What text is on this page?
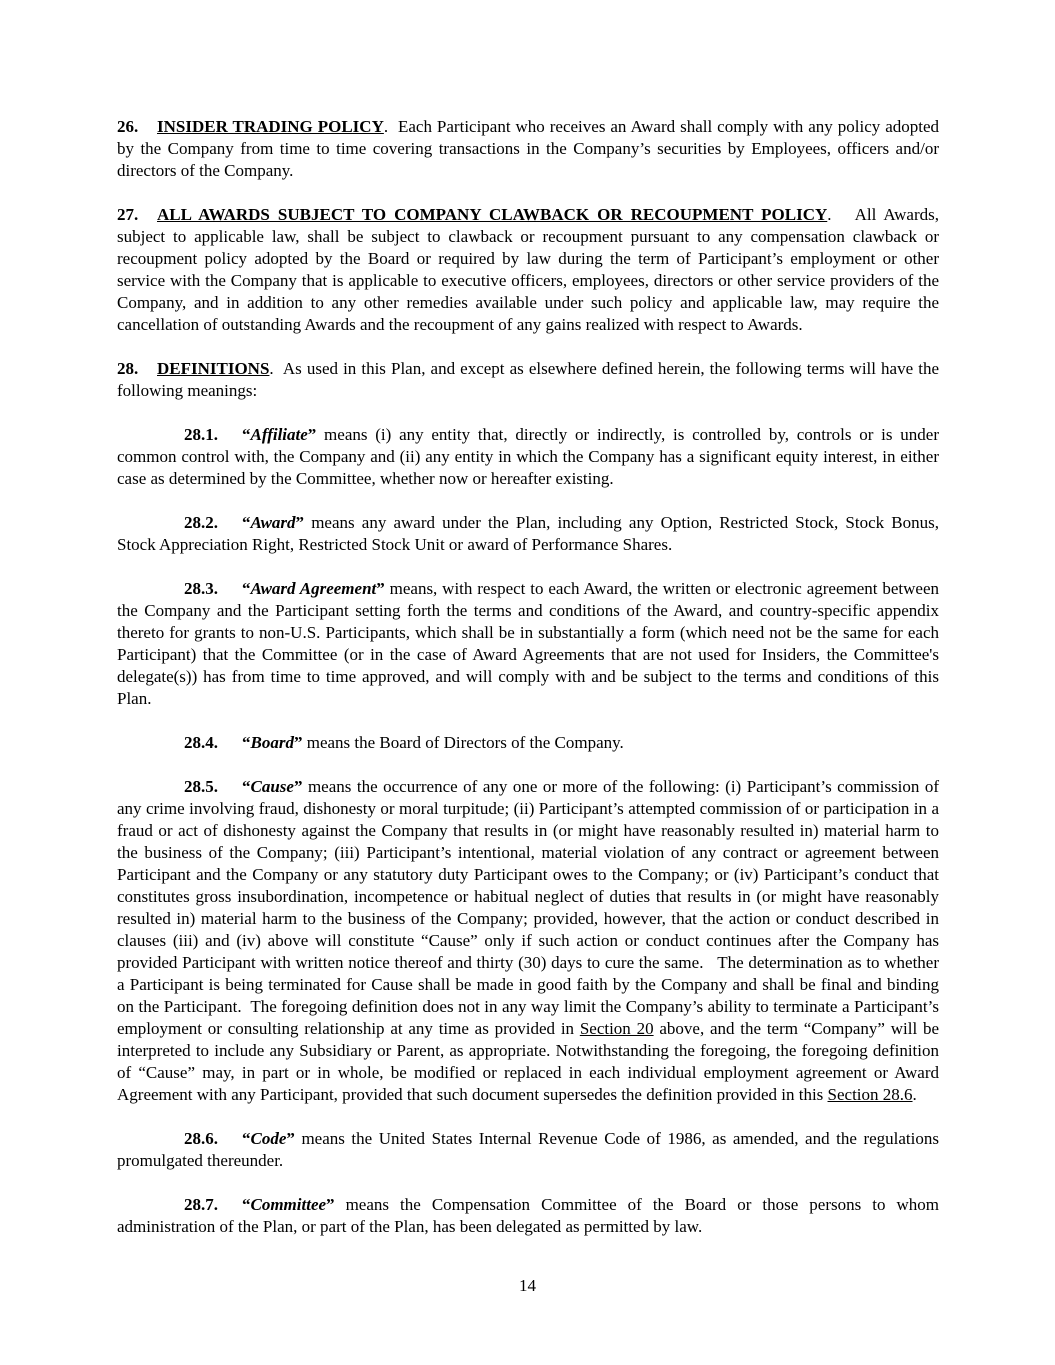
26. INSIDER TRADING POLICY.  Each Participant who receives an Award shall comply with any policy adopted by the Company from time to time covering transactions in the Company’s securities by Employees, officers and/or directors of the Company.

27. ALL AWARDS SUBJECT TO COMPANY CLAWBACK OR RECOUPMENT POLICY.   All Awards, subject to applicable law, shall be subject to clawback or recoupment pursuant to any compensation clawback or recoupment policy adopted by the Board or required by law during the term of Participant’s employment or other service with the Company that is applicable to executive officers, employees, directors or other service providers of the Company, and in addition to any other remedies available under such policy and applicable law, may require the cancellation of outstanding Awards and the recoupment of any gains realized with respect to Awards.

28. DEFINITIONS.  As used in this Plan, and except as elsewhere defined herein, the following terms will have the following meanings:

28.1. “Affiliate” means (i) any entity that, directly or indirectly, is controlled by, controls or is under common control with, the Company and (ii) any entity in which the Company has a significant equity interest, in either case as determined by the Committee, whether now or hereafter existing.

28.2. “Award” means any award under the Plan, including any Option, Restricted Stock, Stock Bonus, Stock Appreciation Right, Restricted Stock Unit or award of Performance Shares.

28.3. “Award Agreement” means, with respect to each Award, the written or electronic agreement between the Company and the Participant setting forth the terms and conditions of the Award, and country-specific appendix thereto for grants to non-U.S. Participants, which shall be in substantially a form (which need not be the same for each Participant) that the Committee (or in the case of Award Agreements that are not used for Insiders, the Committee's delegate(s)) has from time to time approved, and will comply with and be subject to the terms and conditions of this Plan.

28.4. “Board” means the Board of Directors of the Company.

28.5. “Cause” means the occurrence of any one or more of the following: (i) Participant’s commission of any crime involving fraud, dishonesty or moral turpitude; (ii) Participant’s attempted commission of or participation in a fraud or act of dishonesty against the Company that results in (or might have reasonably resulted in) material harm to the business of the Company; (iii) Participant’s intentional, material violation of any contract or agreement between Participant and the Company or any statutory duty Participant owes to the Company; or (iv) Participant’s conduct that constitutes gross insubordination, incompetence or habitual neglect of duties that results in (or might have reasonably resulted in) material harm to the business of the Company; provided, however, that the action or conduct described in clauses (iii) and (iv) above will constitute “Cause” only if such action or conduct continues after the Company has provided Participant with written notice thereof and thirty (30) days to cure the same.   The determination as to whether a Participant is being terminated for Cause shall be made in good faith by the Company and shall be final and binding on the Participant.  The foregoing definition does not in any way limit the Company’s ability to terminate a Participant’s employment or consulting relationship at any time as provided in Section 20 above, and the term “Company” will be interpreted to include any Subsidiary or Parent, as appropriate. Notwithstanding the foregoing, the foregoing definition of “Cause” may, in part or in whole, be modified or replaced in each individual employment agreement or Award Agreement with any Participant, provided that such document supersedes the definition provided in this Section 28.6.

28.6. “Code” means the United States Internal Revenue Code of 1986, as amended, and the regulations promulgated thereunder.

28.7. “Committee” means the Compensation Committee of the Board or those persons to whom administration of the Plan, or part of the Plan, has been delegated as permitted by law.

14
